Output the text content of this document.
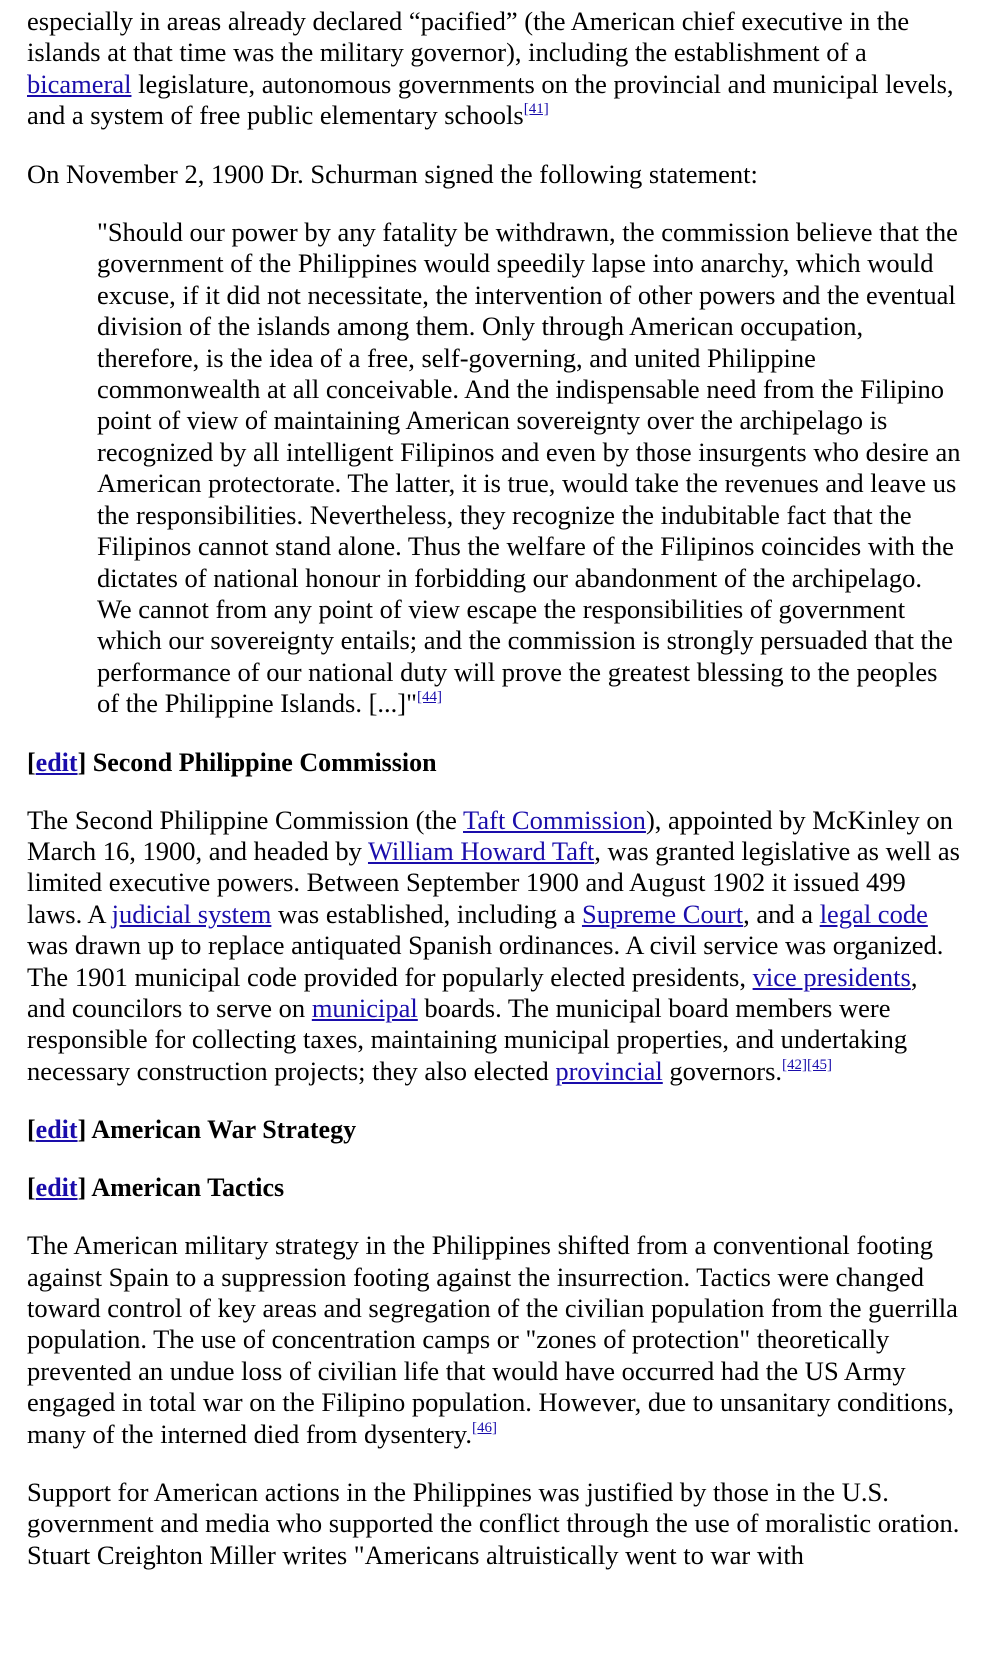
especially in areas already declared “pacified” (the American chief executive in the islands at that time was the military governor), including the establishment of a bicameral legislature, autonomous governments on the provincial and municipal levels, and a system of free public elementary schools[41]

On November 2, 1900 Dr. Schurman signed the following statement:

"Should our power by any fatality be withdrawn, the commission believe that the government of the Philippines would speedily lapse into anarchy, which would excuse, if it did not necessitate, the intervention of other powers and the eventual division of the islands among them. Only through American occupation, therefore, is the idea of a free, self-governing, and united Philippine commonwealth at all conceivable. And the indispensable need from the Filipino point of view of maintaining American sovereignty over the archipelago is recognized by all intelligent Filipinos and even by those insurgents who desire an American protectorate. The latter, it is true, would take the revenues and leave us the responsibilities. Nevertheless, they recognize the indubitable fact that the Filipinos cannot stand alone. Thus the welfare of the Filipinos coincides with the dictates of national honour in forbidding our abandonment of the archipelago. We cannot from any point of view escape the responsibilities of government which our sovereignty entails; and the commission is strongly persuaded that the performance of our national duty will prove the greatest blessing to the peoples of the Philippine Islands. [...]"[44]
[edit] Second Philippine Commission

The Second Philippine Commission (the Taft Commission), appointed by McKinley on March 16, 1900, and headed by William Howard Taft, was granted legislative as well as limited executive powers. Between September 1900 and August 1902 it issued 499 laws. A judicial system was established, including a Supreme Court, and a legal code was drawn up to replace antiquated Spanish ordinances. A civil service was organized. The 1901 municipal code provided for popularly elected presidents, vice presidents, and councilors to serve on municipal boards. The municipal board members were responsible for collecting taxes, maintaining municipal properties, and undertaking necessary construction projects; they also elected provincial governors.[42][45]

[edit] American War Strategy
[edit] American Tactics

The American military strategy in the Philippines shifted from a conventional footing against Spain to a suppression footing against the insurrection. Tactics were changed toward control of key areas and segregation of the civilian population from the guerrilla population. The use of concentration camps or "zones of protection" theoretically prevented an undue loss of civilian life that would have occurred had the US Army engaged in total war on the Filipino population. However, due to unsanitary conditions, many of the interned died from dysentery.[46]

Support for American actions in the Philippines was justified by those in the U.S. government and media who supported the conflict through the use of moralistic oration. Stuart Creighton Miller writes "Americans altruistically went to war with
